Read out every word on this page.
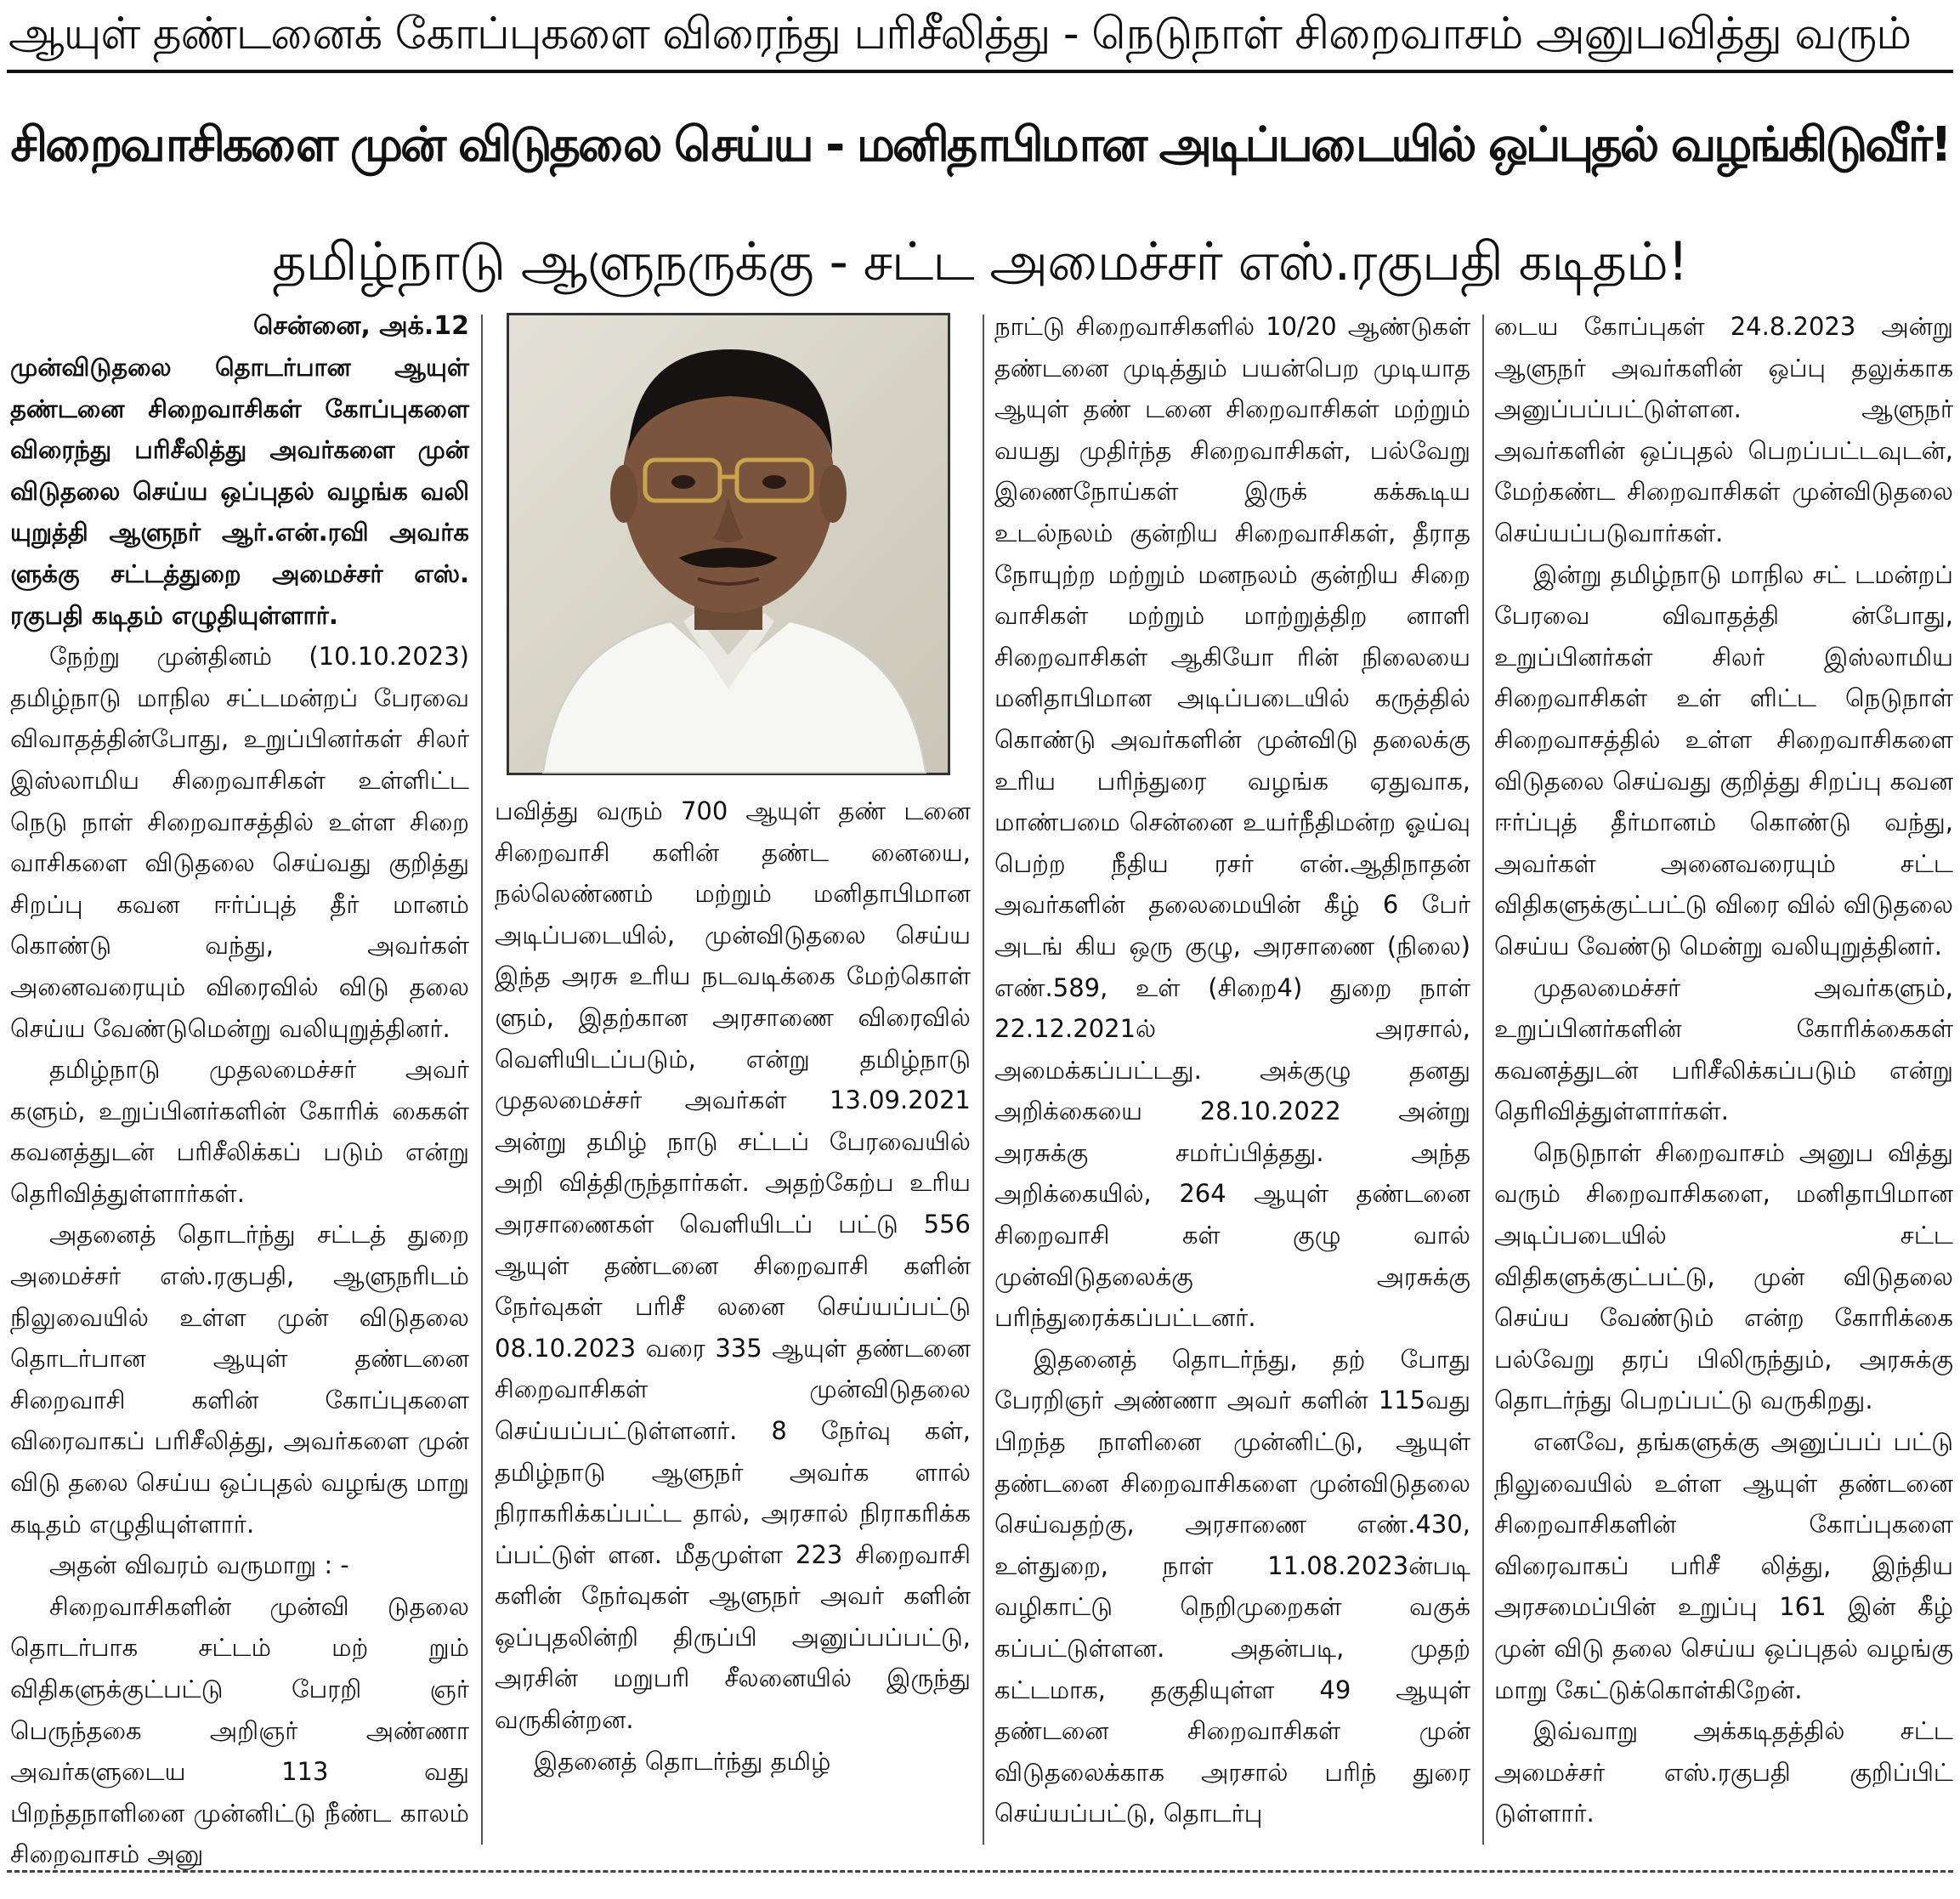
ஆயுள் தண்டனைக் கோப்புகளை விரைந்து பரிசீலித்து - நெடுநாள் சிறைவாசம் அனுபவித்து வரும்
சிறைவாசிகளை முன் விடுதலை செய்ய - மனிதாபிமான அடிப்படையில் ஒப்புதல் வழங்கிடுவீர்!
தமிழ்நாடு ஆளுநருக்கு - சட்ட அமைச்சர் எஸ்.ரகுபதி கடிதம்!

சென்னை, அக்.12

முன்விடுதலை தொடர்பான ஆயுள் தண்டனை சிறைவாசிகள் கோப்புகளை விரைந்து பரிசீலித்து அவர்களை முன் விடுதலை செய்ய ஒப்புதல் வழங்க வலி யுறுத்தி ஆளுநர் ஆர்.என்.ரவி அவர்க ளுக்கு சட்டத்துறை அமைச்சர் எஸ். ரகுபதி கடிதம் எழுதியுள்ளார்.

நேற்று முன்தினம் (10.10.2023) தமிழ்நாடு மாநில சட்டமன்றப் பேரவை விவாதத்தின்போது, உறுப்பினர்கள் சிலர் இஸ்லாமிய சிறைவாசிகள் உள்ளிட்ட நெடு நாள் சிறைவாசத்தில் உள்ள சிறை வாசிகளை விடுதலை செய்வது குறித்து சிறப்பு கவன ஈர்ப்புத் தீர் மானம் கொண்டு வந்து, அவர்கள் அனைவரையும் விரைவில் விடு தலை செய்ய வேண்டுமென்று வலியுறுத்தினர்.

தமிழ்நாடு முதலமைச்சர் அவர் களும், உறுப்பினர்களின் கோரிக் கைகள் கவனத்துடன் பரிசீலிக்கப் படும் என்று தெரிவித்துள்ளார்கள்.

அதனைத் தொடர்ந்து சட்டத் துறை அமைச்சர் எஸ்.ரகுபதி, ஆளுநரிடம் நிலுவையில் உள்ள முன் விடுதலை தொடர்பான ஆயுள் தண்டனை சிறைவாசி களின் கோப்புகளை விரைவாகப் பரிசீலித்து, அவர்களை முன் விடு தலை செய்ய ஒப்புதல் வழங்கு மாறு கடிதம் எழுதியுள்ளார்.

அதன் விவரம் வருமாறு : -

சிறைவாசிகளின் முன்வி டுதலை தொடர்பாக சட்டம் மற் றும் விதிகளுக்குட்பட்டு பேரறி ஞர் பெருந்தகை அறிஞர் அண்ணா அவர்களுடைய 113 வது பிறந்தநாளினை முன்னிட்டு நீண்ட காலம் சிறைவாசம் அனு

பவித்து வரும் 700 ஆயுள் தண் டனை சிறைவாசி களின் தண்ட னையை, நல்லெண்ணம் மற்றும் மனிதாபிமான அடிப்படையில், முன்விடுதலை செய்ய இந்த அரசு உரிய நடவடிக்கை மேற்கொள் ளும், இதற்கான அரசாணை விரைவில் வெளியிடப்படும், என்று தமிழ்நாடு முதலமைச்சர் அவர்கள் 13.09.2021 அன்று தமிழ் நாடு சட்டப் பேரவையில் அறி வித்திருந்தார்கள். அதற்கேற்ப உரிய அரசாணைகள் வெளியிடப் பட்டு 556 ஆயுள் தண்டனை சிறைவாசி களின் நேர்வுகள் பரிசீ லனை செய்யப்பட்டு 08.10.2023 வரை 335 ஆயுள் தண்டனை சிறைவாசிகள் முன்விடுதலை செய்யப்பட்டுள்ளனர். 8 நேர்வு கள், தமிழ்நாடு ஆளுநர் அவர்க ளால் நிராகரிக்கப்பட்ட தால், அரசால் நிராகரிக்க ப்பட்டுள் ளன. மீதமுள்ள 223 சிறைவாசி களின் நேர்வுகள் ஆளுநர் அவர் களின் ஒப்புதலின்றி திருப்பி அனுப்பப்பட்டு, அரசின் மறுபரி சீலனையில் இருந்து வருகின்றன.

இதனைத் தொடர்ந்து தமிழ்

நாட்டு சிறைவாசிகளில் 10/20 ஆண்டுகள் தண்டனை முடித்தும் பயன்பெற முடியாத ஆயுள் தண் டனை சிறைவாசிகள் மற்றும் வயது முதிர்ந்த சிறைவாசிகள், பல்வேறு இணைநோய்கள் இருக் கக்கூடிய உடல்நலம் குன்றிய சிறைவாசிகள், தீராத நோயுற்ற மற்றும் மனநலம் குன்றிய சிறை வாசிகள் மற்றும் மாற்றுத்திற னாளி சிறைவாசிகள் ஆகியோ ரின் நிலையை மனிதாபிமான அடிப்படையில் கருத்தில் கொண்டு அவர்களின் முன்விடு தலைக்கு உரிய பரிந்துரை வழங்க ஏதுவாக, மாண்பமை சென்னை உயர்நீதிமன்ற ஓய்வு பெற்ற நீதிய ரசர் என்.ஆதிநாதன் அவர்களின் தலைமையின் கீழ் 6 பேர் அடங் கிய ஒரு குழு, அரசாணை (நிலை) எண்.589, உள் (சிறை4) துறை நாள் 22.12.2021ல் அரசால், அமைக்கப்பட்டது. அக்குழு தனது அறிக்கையை 28.10.2022 அன்று அரசுக்கு சமர்ப்பித்தது. அந்த அறிக்கையில், 264 ஆயுள் தண்டனை சிறைவாசி கள் குழு வால் முன்விடுதலைக்கு அரசுக்கு பரிந்துரைக்கப்பட்டனர்.

இதனைத் தொடர்ந்து, தற் போது பேரறிஞர் அண்ணா அவர் களின் 115வது பிறந்த நாளினை முன்னிட்டு, ஆயுள் தண்டனை சிறைவாசிகளை முன்விடுதலை செய்வதற்கு, அரசாணை எண்.430, உள்துறை, நாள் 11.08.2023ன்படி வழிகாட்டு நெறிமுறைகள் வகுக் கப்பட்டுள்ளன. அதன்படி, முதற் கட்டமாக, தகுதியுள்ள 49 ஆயுள் தண்டனை சிறைவாசிகள் முன் விடுதலைக்காக அரசால் பரிந் துரை செய்யப்பட்டு, தொடர்பு

டைய கோப்புகள் 24.8.2023 அன்று ஆளுநர் அவர்களின் ஒப்பு தலுக்காக அனுப்பப்பட்டுள்ளன. ஆளுநர் அவர்களின் ஒப்புதல் பெறப்பட்டவுடன், மேற்கண்ட சிறைவாசிகள் முன்விடுதலை செய்யப்படுவார்கள்.

இன்று தமிழ்நாடு மாநில சட் டமன்றப் பேரவை விவாதத்தி ன்போது, உறுப்பினர்கள் சிலர் இஸ்லாமிய சிறைவாசிகள் உள் ளிட்ட நெடுநாள் சிறைவாசத்தில் உள்ள சிறைவாசிகளை விடுதலை செய்வது குறித்து சிறப்பு கவன ஈர்ப்புத் தீர்மானம் கொண்டு வந்து, அவர்கள் அனைவரையும் சட்ட விதிகளுக்குட்பட்டு விரை வில் விடுதலை செய்ய வேண்டு மென்று வலியுறுத்தினர்.

முதலமைச்சர் அவர்களும், உறுப்பினர்களின் கோரிக்கைகள் கவனத்துடன் பரிசீலிக்கப்படும் என்று தெரிவித்துள்ளார்கள்.

நெடுநாள் சிறைவாசம் அனுப வித்து வரும் சிறைவாசிகளை, மனிதாபிமான அடிப்படையில் சட்ட விதிகளுக்குட்பட்டு, முன் விடுதலை செய்ய வேண்டும் என்ற கோரிக்கை பல்வேறு தரப் பிலிருந்தும், அரசுக்கு தொடர்ந்து பெறப்பட்டு வருகிறது.

எனவே, தங்களுக்கு அனுப்பப் பட்டு நிலுவையில் உள்ள ஆயுள் தண்டனை சிறைவாசிகளின் கோப்புகளை விரைவாகப் பரிசீ லித்து, இந்திய அரசமைப்பின் உறுப்பு 161 இன் கீழ் முன் விடு தலை செய்ய ஒப்புதல் வழங்கு மாறு கேட்டுக்கொள்கிறேன்.

இவ்வாறு அக்கடிதத்தில் சட்ட அமைச்சர் எஸ்.ரகுபதி குறிப்பிட் டுள்ளார்.
